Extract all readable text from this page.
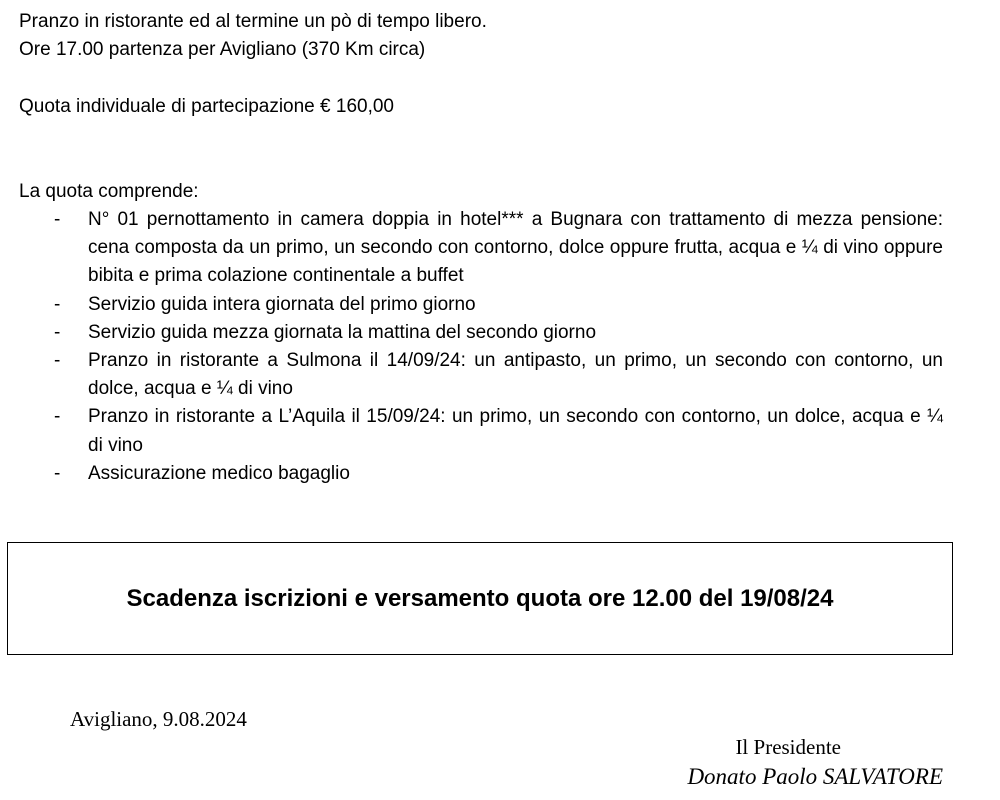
Pranzo in ristorante ed al termine un pò di tempo libero.
Ore 17.00 partenza per Avigliano (370 Km circa)
Quota individuale di partecipazione € 160,00
La quota comprende:
- N° 01 pernottamento in camera doppia in hotel*** a Bugnara con trattamento di mezza pensione: cena composta da un primo, un secondo con contorno, dolce oppure frutta, acqua e ¼ di vino oppure bibita e prima colazione continentale a buffet
- Servizio guida intera giornata del primo giorno
- Servizio guida mezza giornata la mattina del secondo giorno
- Pranzo in ristorante a Sulmona il 14/09/24: un antipasto, un primo, un secondo con contorno, un dolce, acqua e ¼ di vino
- Pranzo in ristorante a L’Aquila il 15/09/24: un primo, un secondo con contorno, un dolce, acqua e ¼ di vino
- Assicurazione medico bagaglio
Scadenza iscrizioni e versamento quota ore 12.00 del 19/08/24
Avigliano, 9.08.2024
Il Presidente
Donato Paolo SALVATORE
